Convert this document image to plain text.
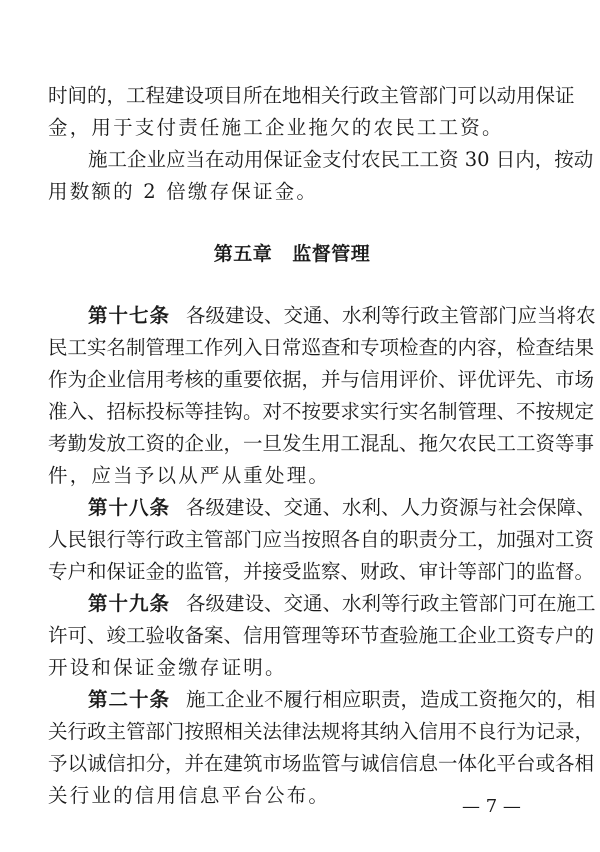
时间的，工程建设项目所在地相关行政主管部门可以动用保证
金，用于支付责任施工企业拖欠的农民工工资。
施工企业应当在动用保证金支付农民工工资 30 日内，按动
用数额的 2 倍缴存保证金。
第五章 监督管理
第十七条 各级建设、交通、水利等行政主管部门应当将农
民工实名制管理工作列入日常巡查和专项检查的内容，检查结果
作为企业信用考核的重要依据，并与信用评价、评优评先、市场
准入、招标投标等挂钩。对不按要求实行实名制管理、不按规定
考勤发放工资的企业，一旦发生用工混乱、拖欠农民工工资等事
件，应当予以从严从重处理。
第十八条 各级建设、交通、水利、人力资源与社会保障、
人民银行等行政主管部门应当按照各自的职责分工，加强对工资
专户和保证金的监管，并接受监察、财政、审计等部门的监督。
第十九条 各级建设、交通、水利等行政主管部门可在施工
许可、竣工验收备案、信用管理等环节查验施工企业工资专户的
开设和保证金缴存证明。
第二十条 施工企业不履行相应职责，造成工资拖欠的，相
关行政主管部门按照相关法律法规将其纳入信用不良行为记录，
予以诚信扣分，并在建筑市场监管与诚信信息一体化平台或各相
关行业的信用信息平台公布。	— 7 —
